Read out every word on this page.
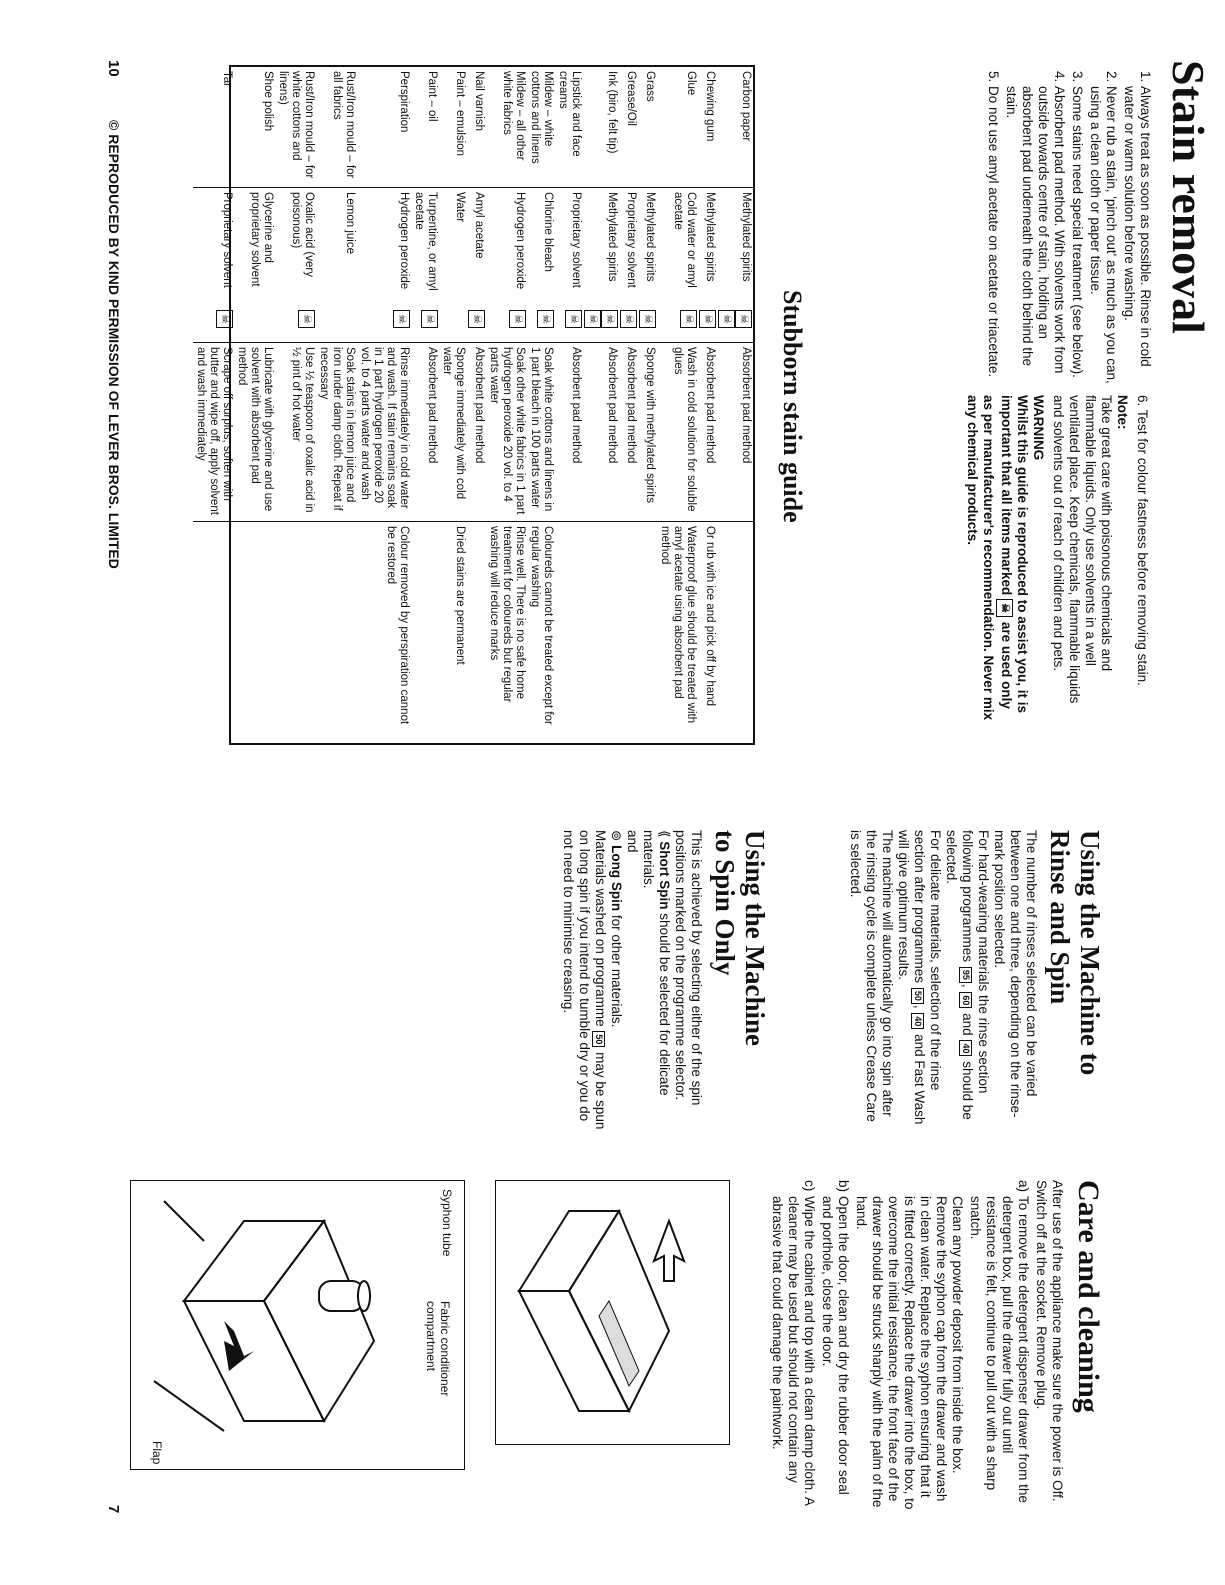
Stain removal
1. Always treat as soon as possible. Rinse in cold water or warm solution before washing.
2. Never rub a stain, 'pinch out' as much as you can, using a clean cloth or paper tissue.
3. Some stains need special treatment (see below).
4. Absorbent pad method. With solvents work from outside towards centre of stain, holding an absorbent pad underneath the cloth behind the stain.
5. Do not use amyl acetate on acetate or triacetate.
6. Test for colour fastness before removing stain.
Note:
Take great care with poisonous chemicals and flammable liquids. Only use solvents in a well ventilated place. Keep chemicals, flammable liquids and solvents out of reach of children and pets.
WARNING
Whilst this guide is reproduced to assist you, it is important that all items marked ☠ are used only as per manufacturer's recommendation. Never mix any chemical products.
Stubborn stain guide
Carbon paper	Methylated spirits	☠☠	Absorbent pad method	
Chewing gum	Methylated spirits	☠	Absorbent pad method	Or rub with ice and pick off by hand
Glue	Cold water or amyl acetate	☠	Wash in cold solution for soluble glues	Waterproof glue should be treated with amyl acetate using absorbent pad method
Grass	Methylated spirits	☠	Sponge with methylated spirits	
Grease/Oil	Proprietary solvent	☠	Absorbent pad method	
Ink (biro, felt tip)	Methylated spirits	☠☠	Absorbent pad method	
Lipstick and face creams	Proprietary solvent	☠	Absorbent pad method	
Mildew – white cottons and linens	Chlorine bleach	☠	Soak white cottons and linens in 1 part bleach in 100 parts water	Coloureds cannot be treated except for regular washing
Mildew – all other white fabrics	Hydrogen peroxide	☠	Soak other white fabrics in 1 part hydrogen peroxide 20 vol. to 4 parts water	Rinse well. There is no safe home treatment for coloureds but regular washing will reduce marks
Nail varnish	Amyl acetate	☠	Absorbent pad method	
Paint – emulsion	Water		Sponge immediately with cold water	Dried stains are permanent
Paint – oil	Turpentine, or amyl acetate	☠	Absorbent pad method	
Perspiration	Hydrogen peroxide	☠	Rinse immediately in cold water and wash. If stain remains soak in 1 part hydrogen peroxide 20 vol. to 4 parts water and wash	Colour removed by perspiration cannot be restored
Rust/Iron mould – for all fabrics	Lemon juice		Soak stains in lemon juice and iron under damp cloth. Repeat if necessary	
Rust/Iron mould – for white cottons and linens)	Oxalic acid (very poisonous)	☠	Use ½ teaspoon of oxalic acid in ½ pint of hot water	
Shoe polish	Glycerine and proprietary solvent		Lubricate with glycerine and use solvent with absorbent pad method	
Tar	Proprietary solvent	☠	Scrape off surplus, soften with butter and wipe off, apply solvent and wash immediately	
10
© REPRODUCED BY KIND PERMISSION OF LEVER BROS. LIMITED
7
Using the Machine to
Rinse and Spin
The number of rinses selected can be varied between one and three, depending on the rinse-mark position selected.
For hard-wearing materials the rinse section following programmes 95, 60 and 40 should be selected.
For delicate materials, selection of the rinse section after programmes 50, 40 and Fast Wash will give optimum results.
The machine will automatically go into spin after the rinsing cycle is complete unless Crease Care is selected.
Using the Machine
to Spin Only
This is achieved by selecting either of the spin positions marked on the programme selector.
⟪ Short Spin should be selected for delicate materials.
and
⊚ Long Spin for other materials.
Materials washed on programme 50 may be spun on long spin if you intend to tumble dry or you do not need to minimise creasing.
Care and cleaning
After use of the appliance make sure the power is Off. Switch off at the socket. Remove plug.
a)
To remove the detergent dispenser drawer from the detergent box, pull the drawer fully out until resistance is felt, continue to pull out with a sharp snatch.
Clean any powder deposit from inside the box. Remove the syphon cap from the drawer and wash in clean water. Replace the syphon ensuring that it is fitted correctly. Replace the drawer into the box, to overcome the initial resistance, the front face of the drawer should be struck sharply with the palm of the hand.
b)
Open the door, clean and dry the rubber door seal and porthole, close the door.
c)
Wipe the cabinet and top with a clean damp cloth. A cleaner may be used but should not contain any abrasive that could damage the paintwork.
Syphon tube
Fabric conditioner compartment
Flap
